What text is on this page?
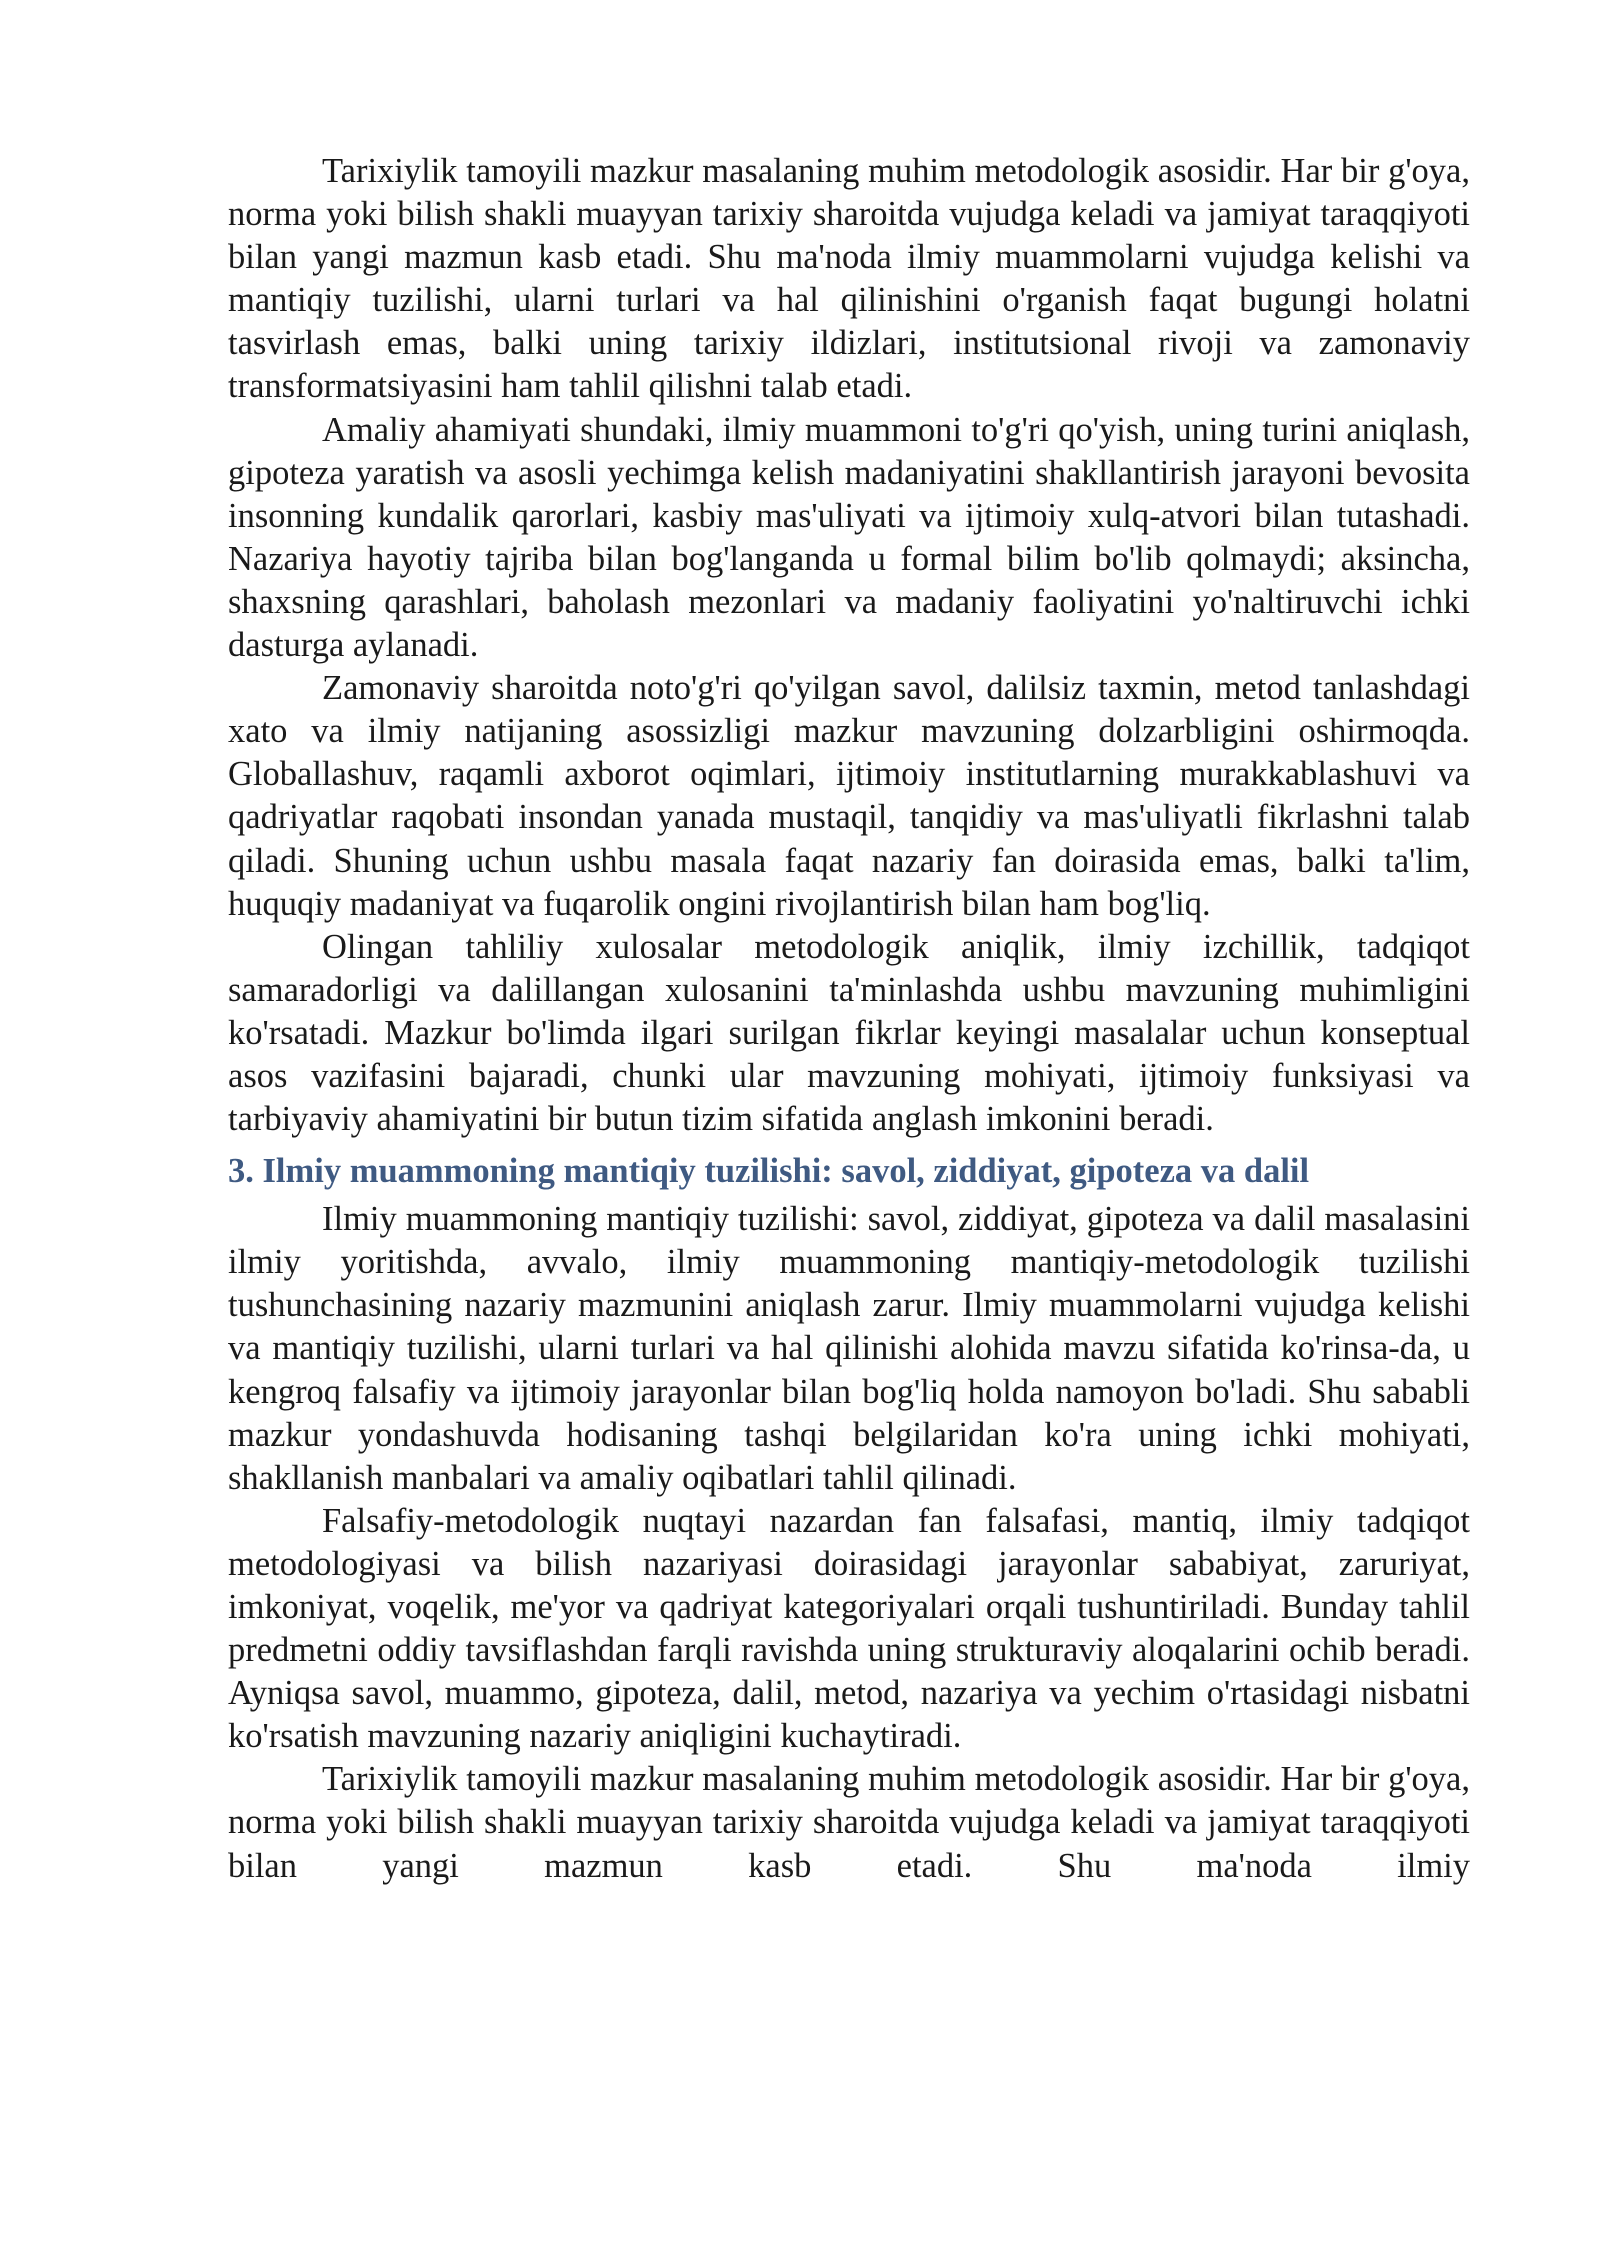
Tarixiylik tamoyili mazkur masalaning muhim metodologik asosidir. Har bir g'oya, norma yoki bilish shakli muayyan tarixiy sharoitda vujudga keladi va jamiyat taraqqiyoti bilan yangi mazmun kasb etadi. Shu ma'noda ilmiy muammolarni vujudga kelishi va mantiqiy tuzilishi, ularni turlari va hal qilinishini o'rganish faqat bugungi holatni tasvirlash emas, balki uning tarixiy ildizlari, institutsional rivoji va zamonaviy transformatsiyasini ham tahlil qilishni talab etadi.

Amaliy ahamiyati shundaki, ilmiy muammoni to'g'ri qo'yish, uning turini aniqlash, gipoteza yaratish va asosli yechimga kelish madaniyatini shakllantirish jarayoni bevosita insonning kundalik qarorlari, kasbiy mas'uliyati va ijtimoiy xulq-atvori bilan tutashadi. Nazariya hayotiy tajriba bilan bog'langanda u formal bilim bo'lib qolmaydi; aksincha, shaxsning qarashlari, baholash mezonlari va madaniy faoliyatini yo'naltiruvchi ichki dasturga aylanadi.

Zamonaviy sharoitda noto'g'ri qo'yilgan savol, dalilsiz taxmin, metod tanlashdagi xato va ilmiy natijaning asossizligi mazkur mavzuning dolzarbligini oshirmoqda. Globallashuv, raqamli axborot oqimlari, ijtimoiy institutlarning murakkablashuvi va qadriyatlar raqobati insondan yanada mustaqil, tanqidiy va mas'uliyatli fikrlashni talab qiladi. Shuning uchun ushbu masala faqat nazariy fan doirasida emas, balki ta'lim, huquqiy madaniyat va fuqarolik ongini rivojlantirish bilan ham bog'liq.

Olingan tahliliy xulosalar metodologik aniqlik, ilmiy izchillik, tadqiqot samaradorligi va dalillangan xulosanini ta'minlashda ushbu mavzuning muhimligini ko'rsatadi. Mazkur bo'limda ilgari surilgan fikrlar keyingi masalalar uchun konseptual asos vazifasini bajaradi, chunki ular mavzuning mohiyati, ijtimoiy funksiyasi va tarbiyaviy ahamiyatini bir butun tizim sifatida anglash imkonini beradi.

3. Ilmiy muammoning mantiqiy tuzilishi: savol, ziddiyat, gipoteza va dalil

Ilmiy muammoning mantiqiy tuzilishi: savol, ziddiyat, gipoteza va dalil masalasini ilmiy yoritishda, avvalo, ilmiy muammoning mantiqiy-metodologik tuzilishi tushunchasining nazariy mazmunini aniqlash zarur. Ilmiy muammolarni vujudga kelishi va mantiqiy tuzilishi, ularni turlari va hal qilinishi alohida mavzu sifatida ko'rinsa-da, u kengroq falsafiy va ijtimoiy jarayonlar bilan bog'liq holda namoyon bo'ladi. Shu sababli mazkur yondashuvda hodisaning tashqi belgilaridan ko'ra uning ichki mohiyati, shakllanish manbalari va amaliy oqibatlari tahlil qilinadi.

Falsafiy-metodologik nuqtayi nazardan fan falsafasi, mantiq, ilmiy tadqiqot metodologiyasi va bilish nazariyasi doirasidagi jarayonlar sababiyat, zaruriyat, imkoniyat, voqelik, me'yor va qadriyat kategoriyalari orqali tushuntiriladi. Bunday tahlil predmetni oddiy tavsiflashdan farqli ravishda uning strukturaviy aloqalarini ochib beradi. Ayniqsa savol, muammo, gipoteza, dalil, metod, nazariya va yechim o'rtasidagi nisbatni ko'rsatish mavzuning nazariy aniqligini kuchaytiradi.

Tarixiylik tamoyili mazkur masalaning muhim metodologik asosidir. Har bir g'oya, norma yoki bilish shakli muayyan tarixiy sharoitda vujudga keladi va jamiyat taraqqiyoti bilan yangi mazmun kasb etadi. Shu ma'noda ilmiy
